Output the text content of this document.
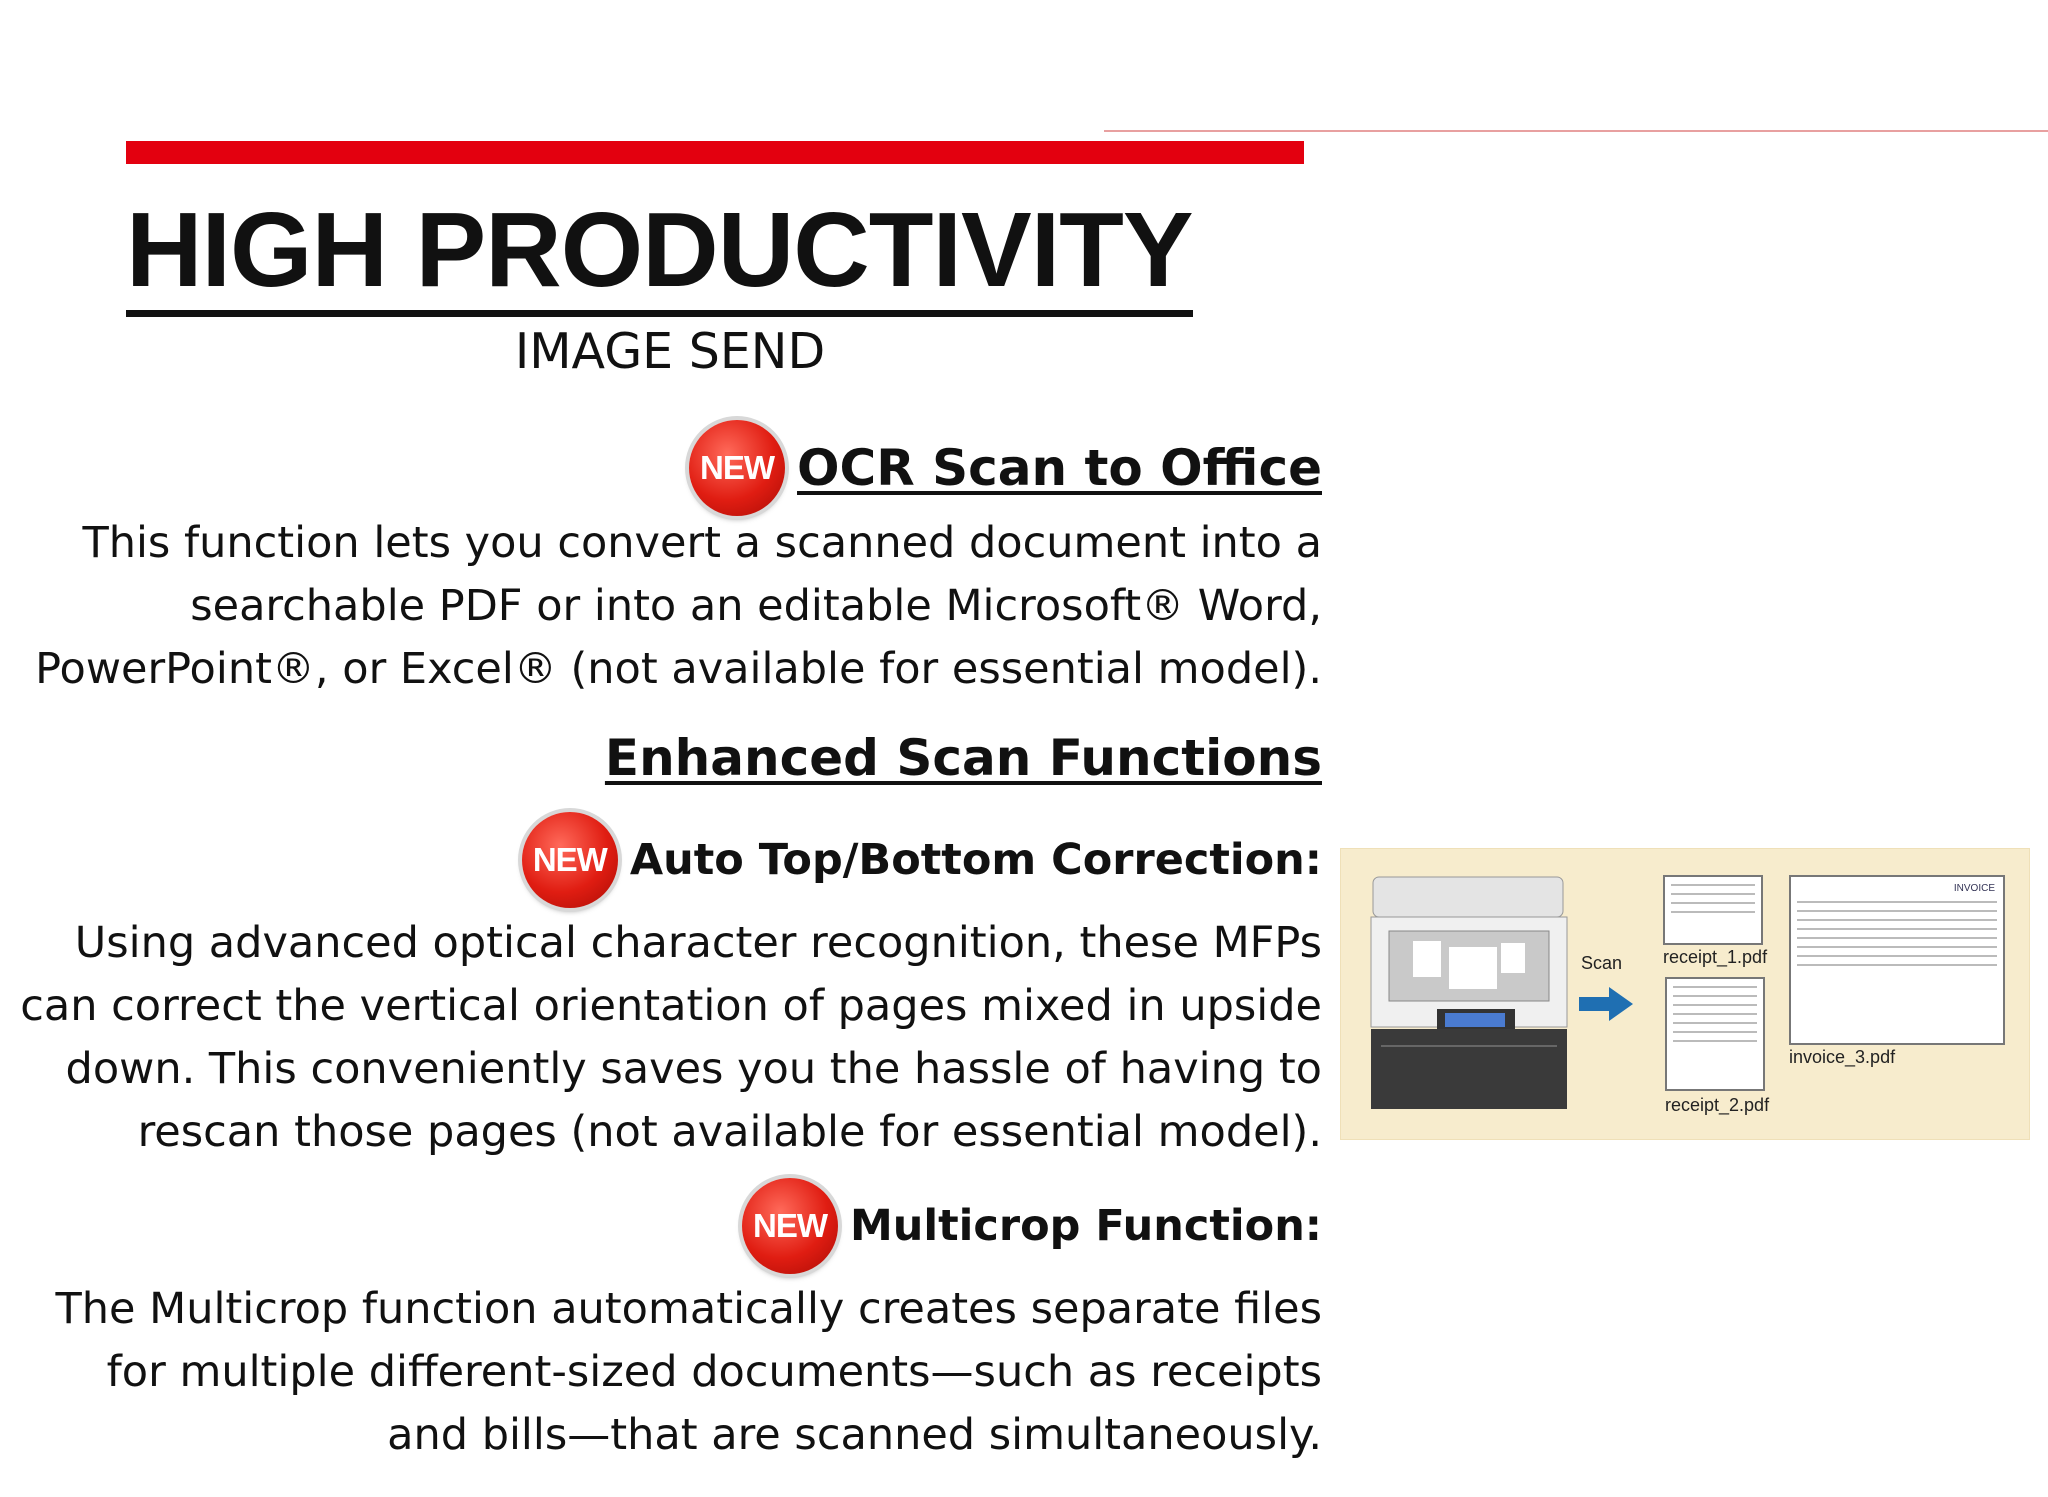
HIGH PRODUCTIVITY
IMAGE SEND
NEW OCR Scan to Office
This function lets you convert a scanned document into a
searchable PDF or into an editable Microsoft® Word,
PowerPoint®, or Excel® (not available for essential model).
Enhanced Scan Functions
NEW Auto Top/Bottom Correction:
Using advanced optical character recognition, these MFPs
can correct the vertical orientation of pages mixed in upside
down. This conveniently saves you the hassle of having to
rescan those pages (not available for essential model).
NEW Multicrop Function:
The Multicrop function automatically creates separate files
for multiple different-sized documents—such as receipts
and bills—that are scanned simultaneously.
Scan receipt_1.pdf
receipt_2.pdf
INVOICE
invoice_3.pdf
